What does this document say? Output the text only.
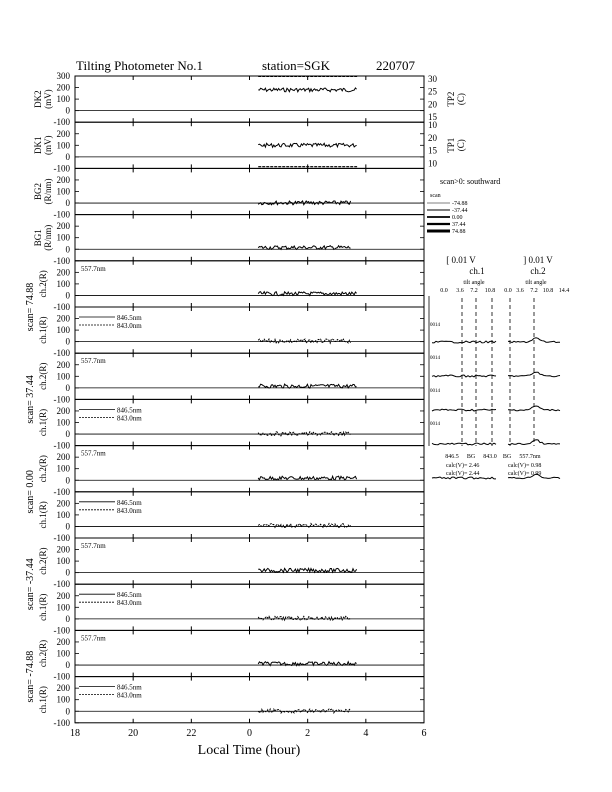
Tilting Photometer No.1	station=SGK	220707
300
200
100
0
-100
DK2(mV)
30
25
20
15
TP2(C)
200
100
0
-100
DK1(mV)
10
20
15
10
TP1(C)
200
100
0
-100
BG2(R/nm)
200
100
0
-100
BG1(R/nm)
200
100
0
-100
ch.2(R)
scan= 74.88
557.7nm
200
100
0
-100
ch.1(R)	846.5nm
843.0nm
200
100
0
-100
ch.2(R)
scan= 37.44
557.7nm
200
100
0
-100
ch.1(R)	846.5nm
843.0nm
200
100
0
-100
ch.2(R)
scan= 0.00
557.7nm
200
100
0
-100
ch.1(R)	846.5nm
843.0nm
200
100
0
-100
ch.2(R)
scan= -37.44
557.7nm
200
100
0
-100
ch.1(R)	846.5nm
843.0nm
200
100
0
-100
ch.2(R)
scan= -74.88
557.7nm
200
100
0
-100
ch.1(R)	846.5nm
843.0nm
18	20	22	0	2	4	6
Local Time (hour)
scan>0: southward
scan
-74.88
-37.44
0.00
37.44
74.88
[ 0.01 V	] 0.01 V
ch.1	ch.2
tilt angle	tilt angle
0.0 3.6 7.2 10.8 0.0 3.6 7.2 10.8 14.4
0014
0014
0014
0014
846.5 BG 843.0 BG 557.7nm
calc(V)= 2.46
calc(V)= 2.44
calc(V)= 0.98
calc(V)= 0.99
